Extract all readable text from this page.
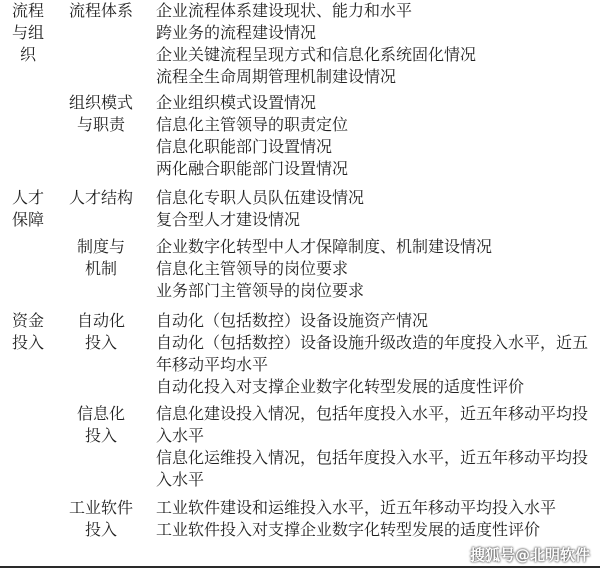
流程
与组
织
流程体系	企业流程体系建设现状、能力和水平
跨业务的流程建设情况
企业关键流程呈现方式和信息化系统固化情况
流程全生命周期管理机制建设情况
组织模式
与职责
企业组织模式设置情况
信息化主管领导的职责定位
信息化职能部门设置情况
两化融合职能部门设置情况
人才
保障
人才结构	信息化专职人员队伍建设情况
复合型人才建设情况
制度与
机制
企业数字化转型中人才保障制度、机制建设情况
信息化主管领导的岗位要求
业务部门主管领导的岗位要求
资金
投入
自动化
投入
自动化（包括数控）设备设施资产情况
自动化（包括数控）设备设施升级改造的年度投入水平，近五年移动平均水平
自动化投入对支撑企业数字化转型发展的适度性评价
信息化
投入
信息化建设投入情况，包括年度投入水平，近五年移动平均投入水平
信息化运维投入情况，包括年度投入水平，近五年移动平均投入水平
工业软件
投入
工业软件建设和运维投入水平，近五年移动平均投入水平
工业软件投入对支撑企业数字化转型发展的适度性评价
搜狐号@北明软件
